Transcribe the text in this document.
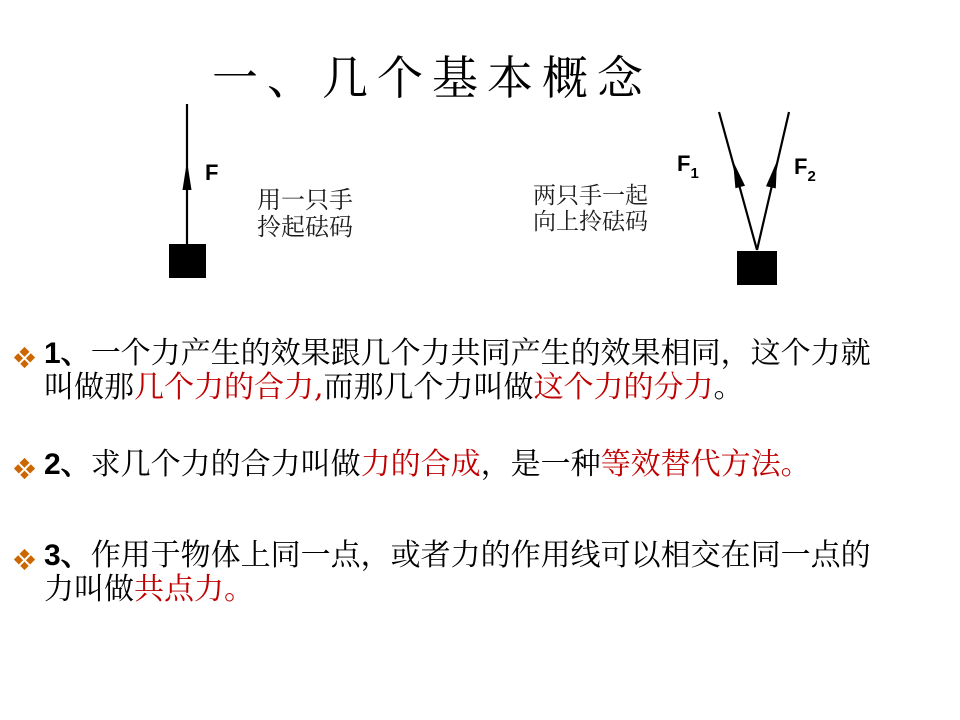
一、几个基本概念
F	$F_1$	$F_2$
用一只手
拎起砝码
两只手一起
向上拎砝码
1、一个力产生的效果跟几个力共同产生的效果相同，这个力就
叫做那几个力的合力,而那几个力叫做这个力的分力。
2、求几个力的合力叫做力的合成，是一种等效替代方法。
3、作用于物体上同一点，或者力的作用线可以相交在同一点的
力叫做共点力。
